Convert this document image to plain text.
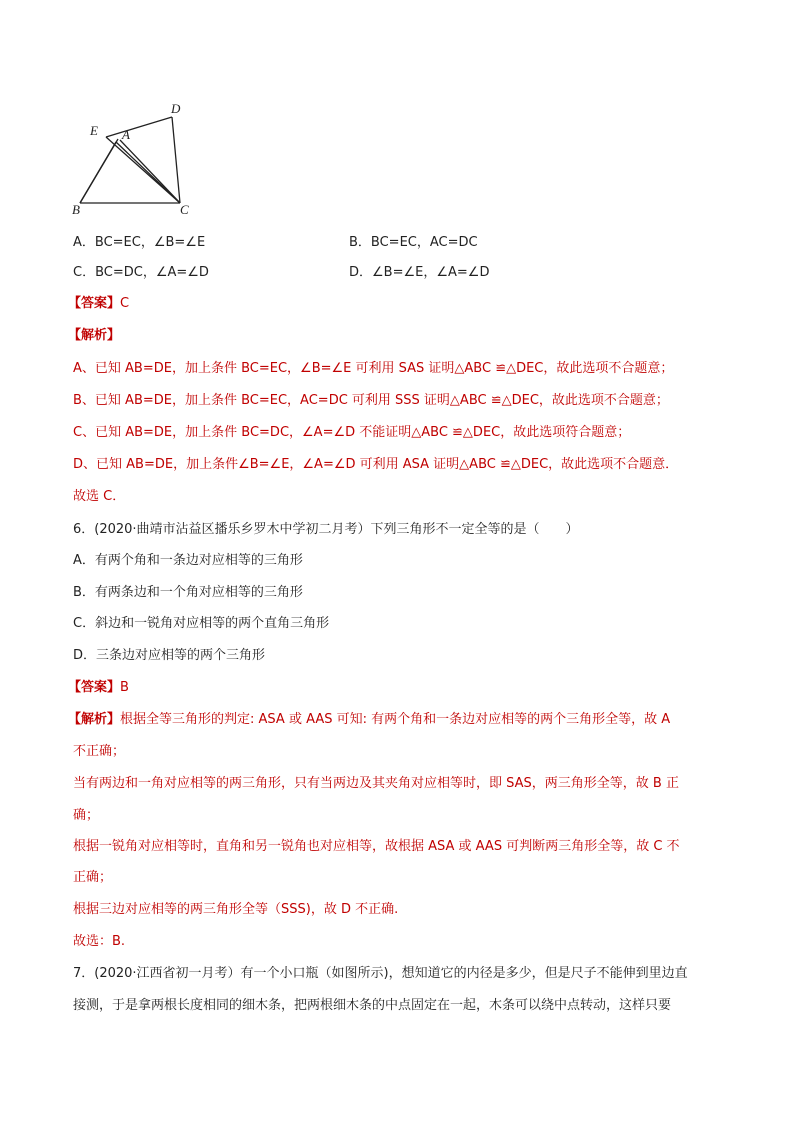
D
E A
B	C
A．BC=EC，∠B=∠E	B．BC=EC，AC=DC
C．BC=DC，∠A=∠D	D．∠B=∠E，∠A=∠D
【答案】C
【解析】
A、已知 AB=DE，加上条件 BC=EC，∠B=∠E 可利用 SAS 证明△ABC ≌△DEC，故此选项不合题意；
B、已知 AB=DE，加上条件 BC=EC，AC=DC 可利用 SSS 证明△ABC ≌△DEC，故此选项不合题意；
C、已知 AB=DE，加上条件 BC=DC，∠A=∠D 不能证明△ABC ≌△DEC，故此选项符合题意；
D、已知 AB=DE，加上条件∠B=∠E，∠A=∠D 可利用 ASA 证明△ABC ≌△DEC，故此选项不合题意．
故选 C．
6．(2020·曲靖市沾益区播乐乡罗木中学初二月考）下列三角形不一定全等的是（　　）
A．有两个角和一条边对应相等的三角形
B．有两条边和一个角对应相等的三角形
C．斜边和一锐角对应相等的两个直角三角形
D．三条边对应相等的两个三角形
【答案】B
【解析】根据全等三角形的判定: ASA 或 AAS 可知: 有两个角和一条边对应相等的两个三角形全等，故 A
不正确；
当有两边和一角对应相等的两三角形，只有当两边及其夹角对应相等时，即 SAS，两三角形全等，故 B 正
确；
根据一锐角对应相等时，直角和另一锐角也对应相等，故根据 ASA 或 AAS 可判断两三角形全等，故 C 不
正确；
根据三边对应相等的两三角形全等（SSS)，故 D 不正确.
故选：B.
7．(2020·江西省初一月考）有一个小口瓶（如图所示)，想知道它的内径是多少，但是尺子不能伸到里边直
接测，于是拿两根长度相同的细木条，把两根细木条的中点固定在一起，木条可以绕中点转动，这样只要
